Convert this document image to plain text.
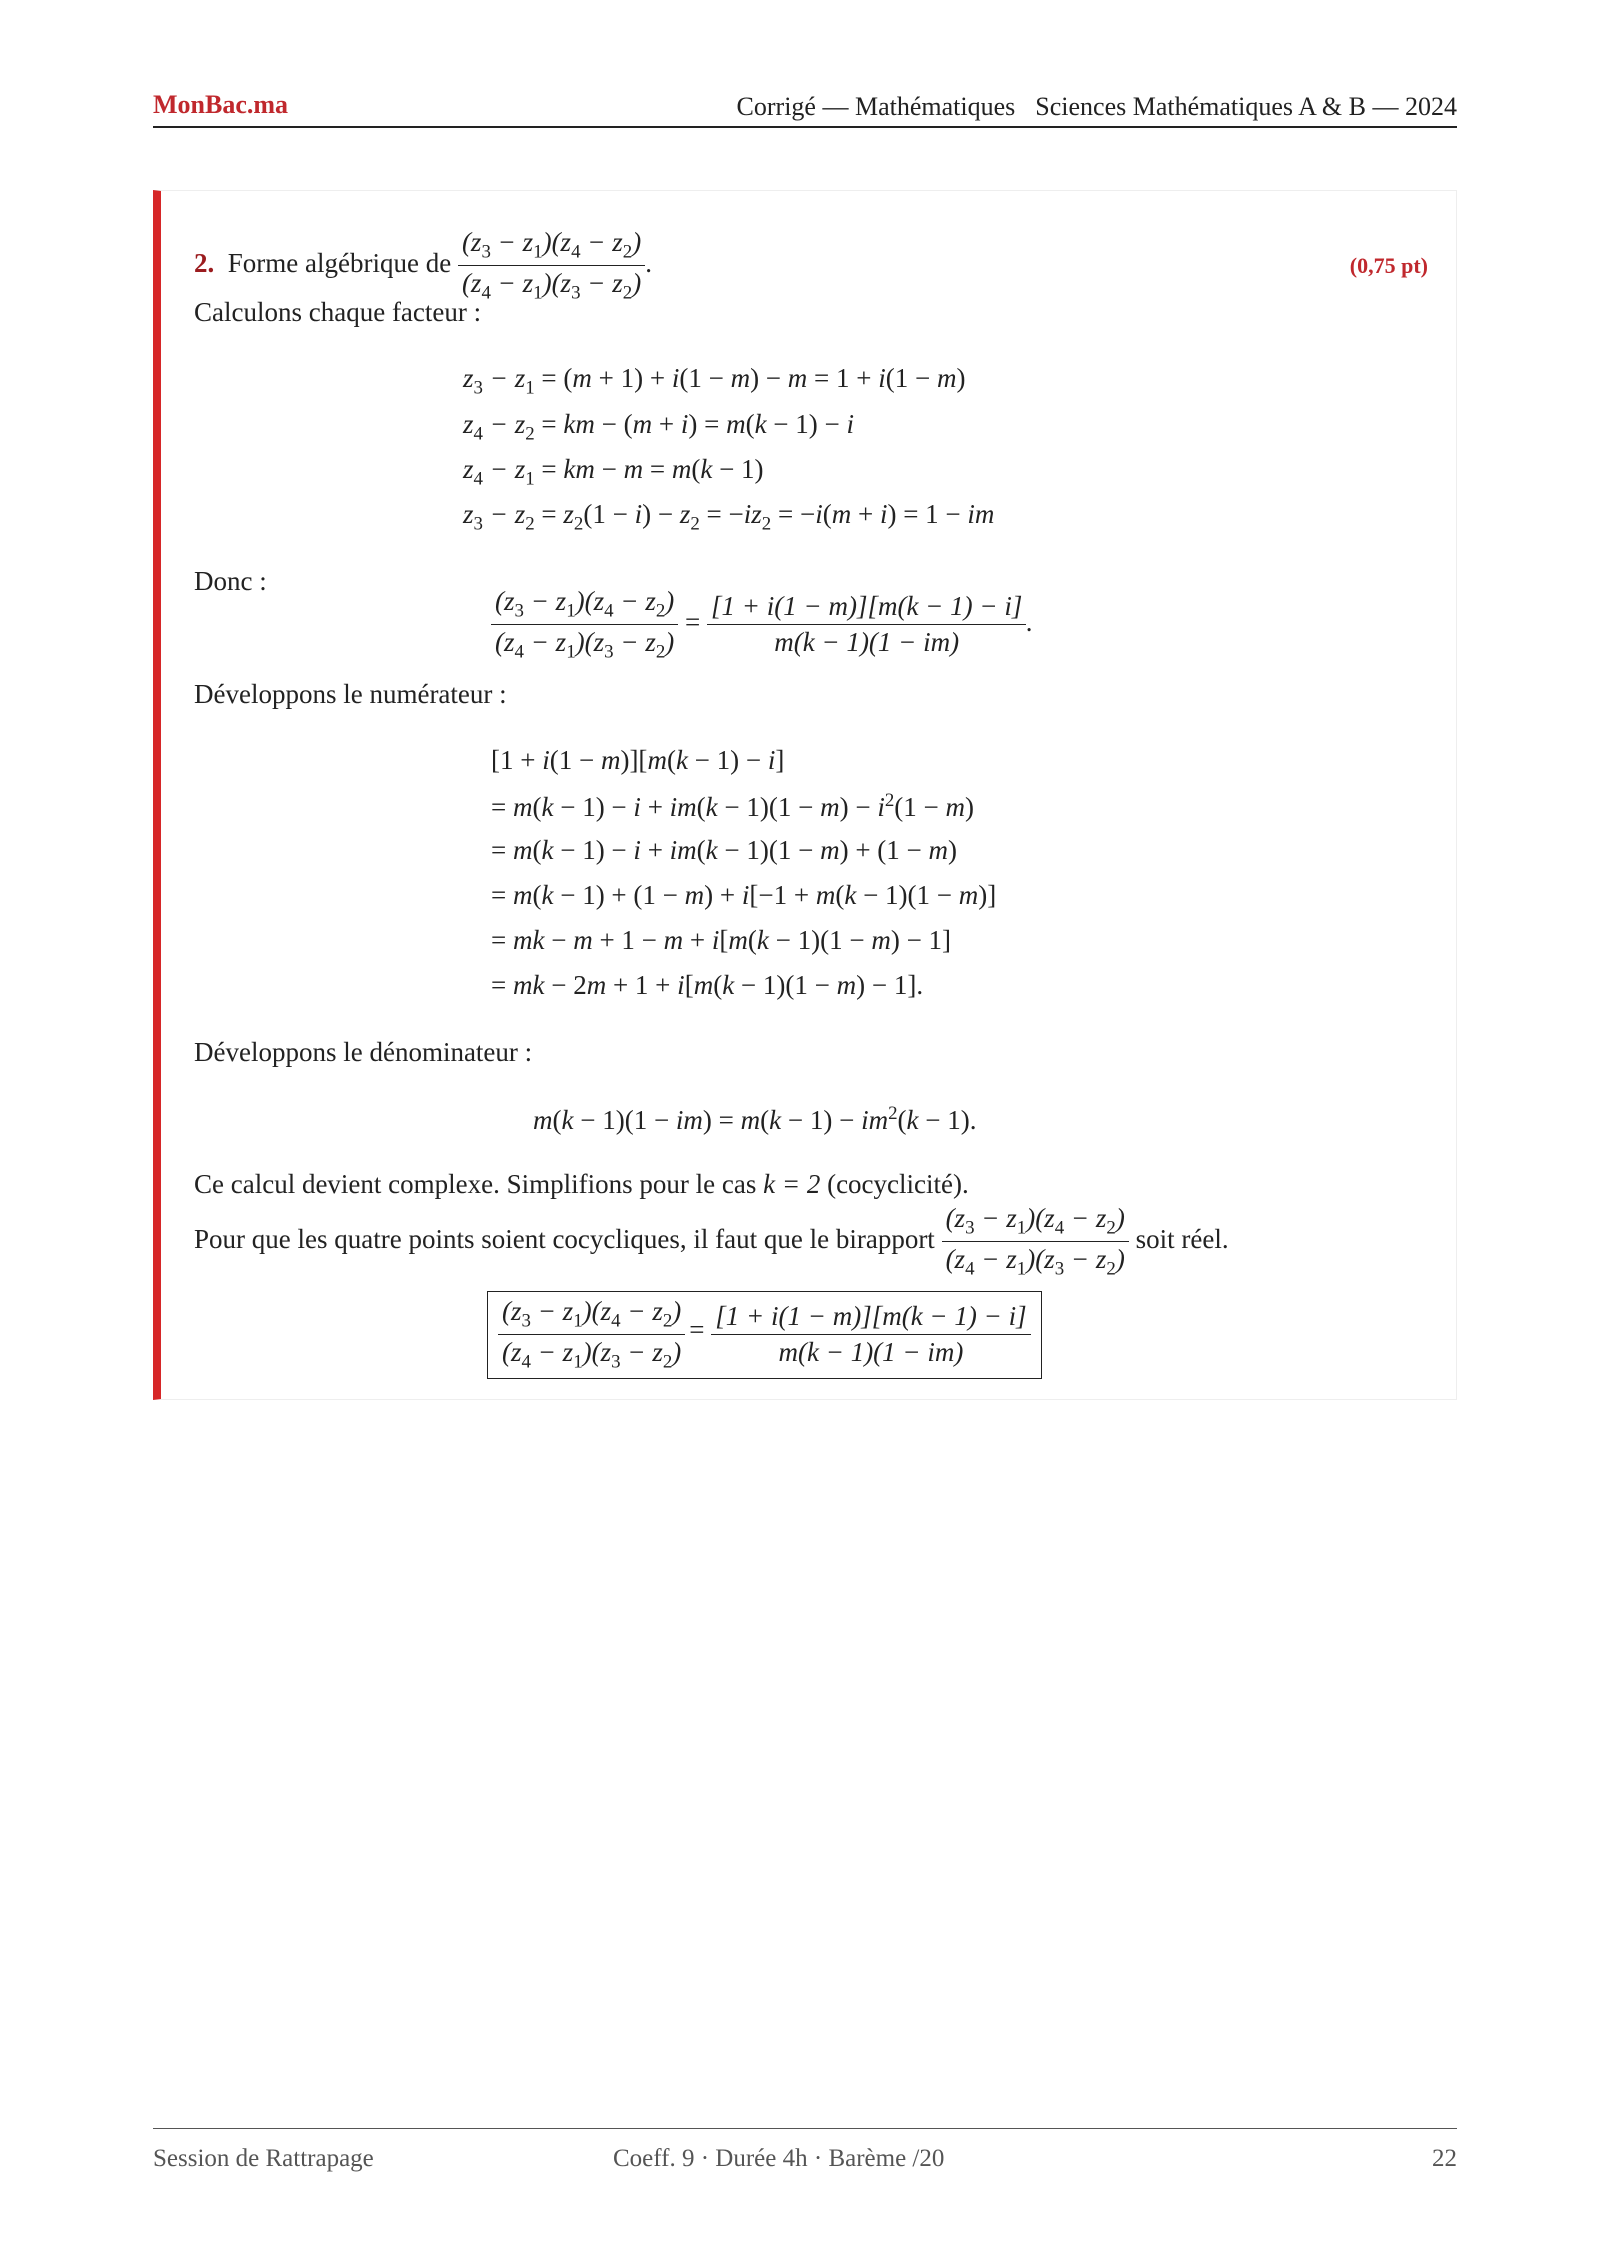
MonBac.ma	Corrigé — Mathématiques Sciences Mathématiques A & B — 2024
(0,75 pt)
2. Forme algébrique de $\frac{(z_3 - z_1)(z_4 - z_2)}{(z_4 - z_1)(z_3 - z_2)}$ .
Calculons chaque facteur :
$z_3 - z_1 = (m + 1) + i(1 - m) - m = 1 + i(1 - m)$
$z_4 - z_2$ = km − (m + i) = m(k − 1) − i
$z_4 - z_1$ = km − m = m(k − 1)
$z_3 - z_2 = z_2(1 - i) - z_2 = -iz_2 = -i(m + i) = 1$ − im
Donc :
$\frac{(z_3 - z_1)(z_4 - z_2)}{(z_4 - z_1)(z_3 - z_2)} = \frac{[1 + i(1 - m)][m(k - 1) - i]}{m(k - 1)(1 - im)}$ .
Développons le numérateur :
[1 + i(1 − m)][m(k − 1) − i]
= $m(k - 1) - i + im(k - 1)(1 - m) - i^2(1 - m)$
= m(k − 1) − i + im(k − 1)(1 − m) + (1 − m)
= m(k − 1) + (1 − m) + i[−1 + m(k − 1)(1 − m)]
= mk − m + 1 − m + i[m(k − 1)(1 − m) − 1]
= mk − 2m + 1 + i[m(k − 1)(1 − m) − 1].
Développons le dénominateur :
$m(k - 1)(1 - im) = m(k - 1) - im^2(k - 1)$.
Ce calcul devient complexe. Simplifions pour le cas k = 2 (cocyclicité).
Pour que les quatre points soient cocycliques, il faut que le birapport $\frac{(z_3 - z_1)(z_4 - z_2)}{(z_4 - z_1)(z_3 - z_2)}$ soit réel.
$\frac{(z_3 - z_1)(z_4 - z_2)}{(z_4 - z_1)(z_3 - z_2)} = \frac{[1 + i(1 - m)][m(k - 1) - i]}{m(k - 1)(1 - im)}$
Session de Rattrapage	Coeff. 9 · Durée 4h · Barème /20	22
